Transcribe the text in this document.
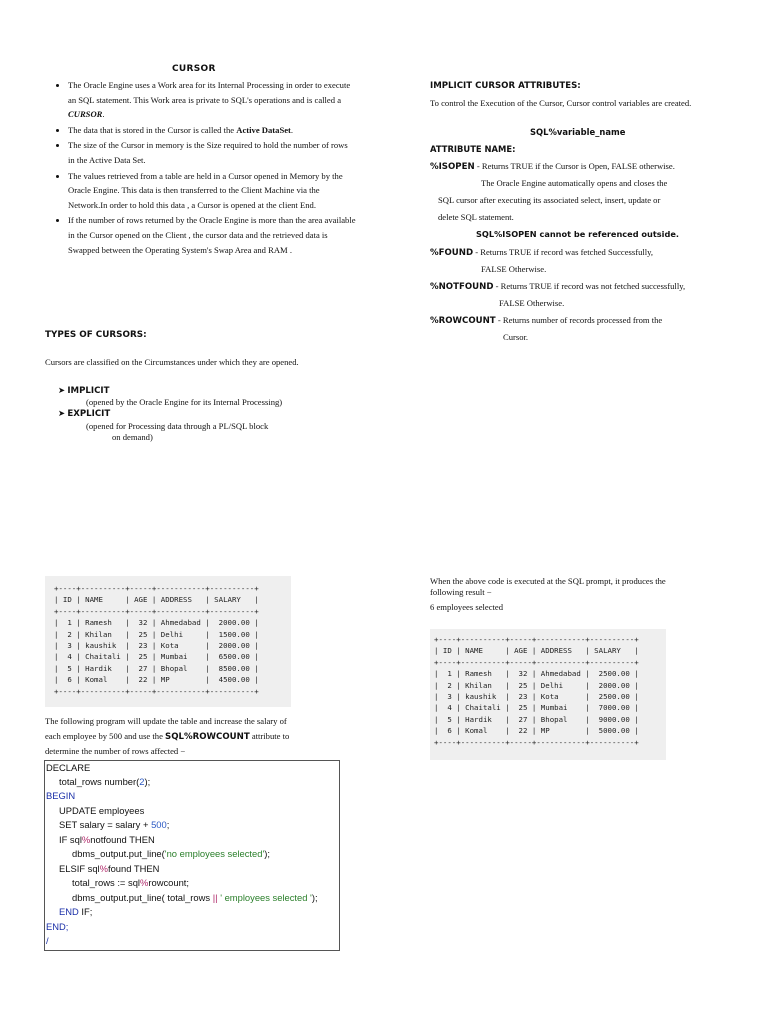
CURSOR
• The Oracle Engine uses a Work area for its Internal Processing in order to execute an SQL statement. This Work area is private to SQL's operations and is called a CURSOR.
• The data that is stored in the Cursor is called the Active DataSet.
• The size of the Cursor in memory is the Size required to hold the number of rows in the Active Data Set.
• The values retrieved from a table are held in a Cursor opened in Memory by the Oracle Engine. This data is then transferred to the Client Machine via the Network.In order to hold this data , a Cursor is opened at the client End.
• If the number of rows returned by the Oracle Engine is more than the area available in the Cursor opened on the Client , the cursor data and the retrieved data is Swapped between the Operating System's Swap Area and RAM .
TYPES OF CURSORS:
Cursors are classified on the Circumstances under which they are opened.
➤ IMPLICIT
(opened by the Oracle Engine for its Internal Processing)
➤ EXPLICIT
(opened for Processing data through a PL/SQL block
on demand)
+----+----------+-----+-----------+----------+
| ID | NAME     | AGE | ADDRESS   | SALARY   |
+----+----------+-----+-----------+----------+
|  1 | Ramesh   |  32 | Ahmedabad |  2000.00 |
|  2 | Khilan   |  25 | Delhi     |  1500.00 |
|  3 | kaushik  |  23 | Kota      |  2000.00 |
|  4 | Chaitali |  25 | Mumbai    |  6500.00 |
|  5 | Hardik   |  27 | Bhopal    |  8500.00 |
|  6 | Komal    |  22 | MP        |  4500.00 |
+----+----------+-----+-----------+----------+
The following program will update the table and increase the salary of
each employee by 500 and use the SQL%ROWCOUNT attribute to
determine the number of rows affected −
DECLARE
total_rows number(2);
BEGIN
UPDATE employees
SET salary = salary + 500;
IF sql%notfound THEN
dbms_output.put_line('no employees selected');
ELSIF sql%found THEN
total_rows := sql%rowcount;
dbms_output.put_line( total_rows || ' employees selected ');
END IF;
END;
/
IMPLICIT CURSOR ATTRIBUTES:
To control the Execution of the Cursor, Cursor control variables are created.
SQL%variable_name
ATTRIBUTE NAME:
%ISOPEN - Returns TRUE if the Cursor is Open, FALSE otherwise.
The Oracle Engine automatically opens and closes the
SQL cursor after executing its associated select, insert, update or
delete SQL statement.
SQL%ISOPEN cannot be referenced outside.
%FOUND - Returns TRUE if record was fetched Successfully,
FALSE Otherwise.
%NOTFOUND - Returns TRUE if record was not fetched successfully,
FALSE Otherwise.
%ROWCOUNT - Returns number of records processed from the
Cursor.
When the above code is executed at the SQL prompt, it produces the
following result −
6 employees selected
+----+----------+-----+-----------+----------+
| ID | NAME     | AGE | ADDRESS   | SALARY   |
+----+----------+-----+-----------+----------+
|  1 | Ramesh   |  32 | Ahmedabad |  2500.00 |
|  2 | Khilan   |  25 | Delhi     |  2000.00 |
|  3 | kaushik  |  23 | Kota      |  2500.00 |
|  4 | Chaitali |  25 | Mumbai    |  7000.00 |
|  5 | Hardik   |  27 | Bhopal    |  9000.00 |
|  6 | Komal    |  22 | MP        |  5000.00 |
+----+----------+-----+-----------+----------+
